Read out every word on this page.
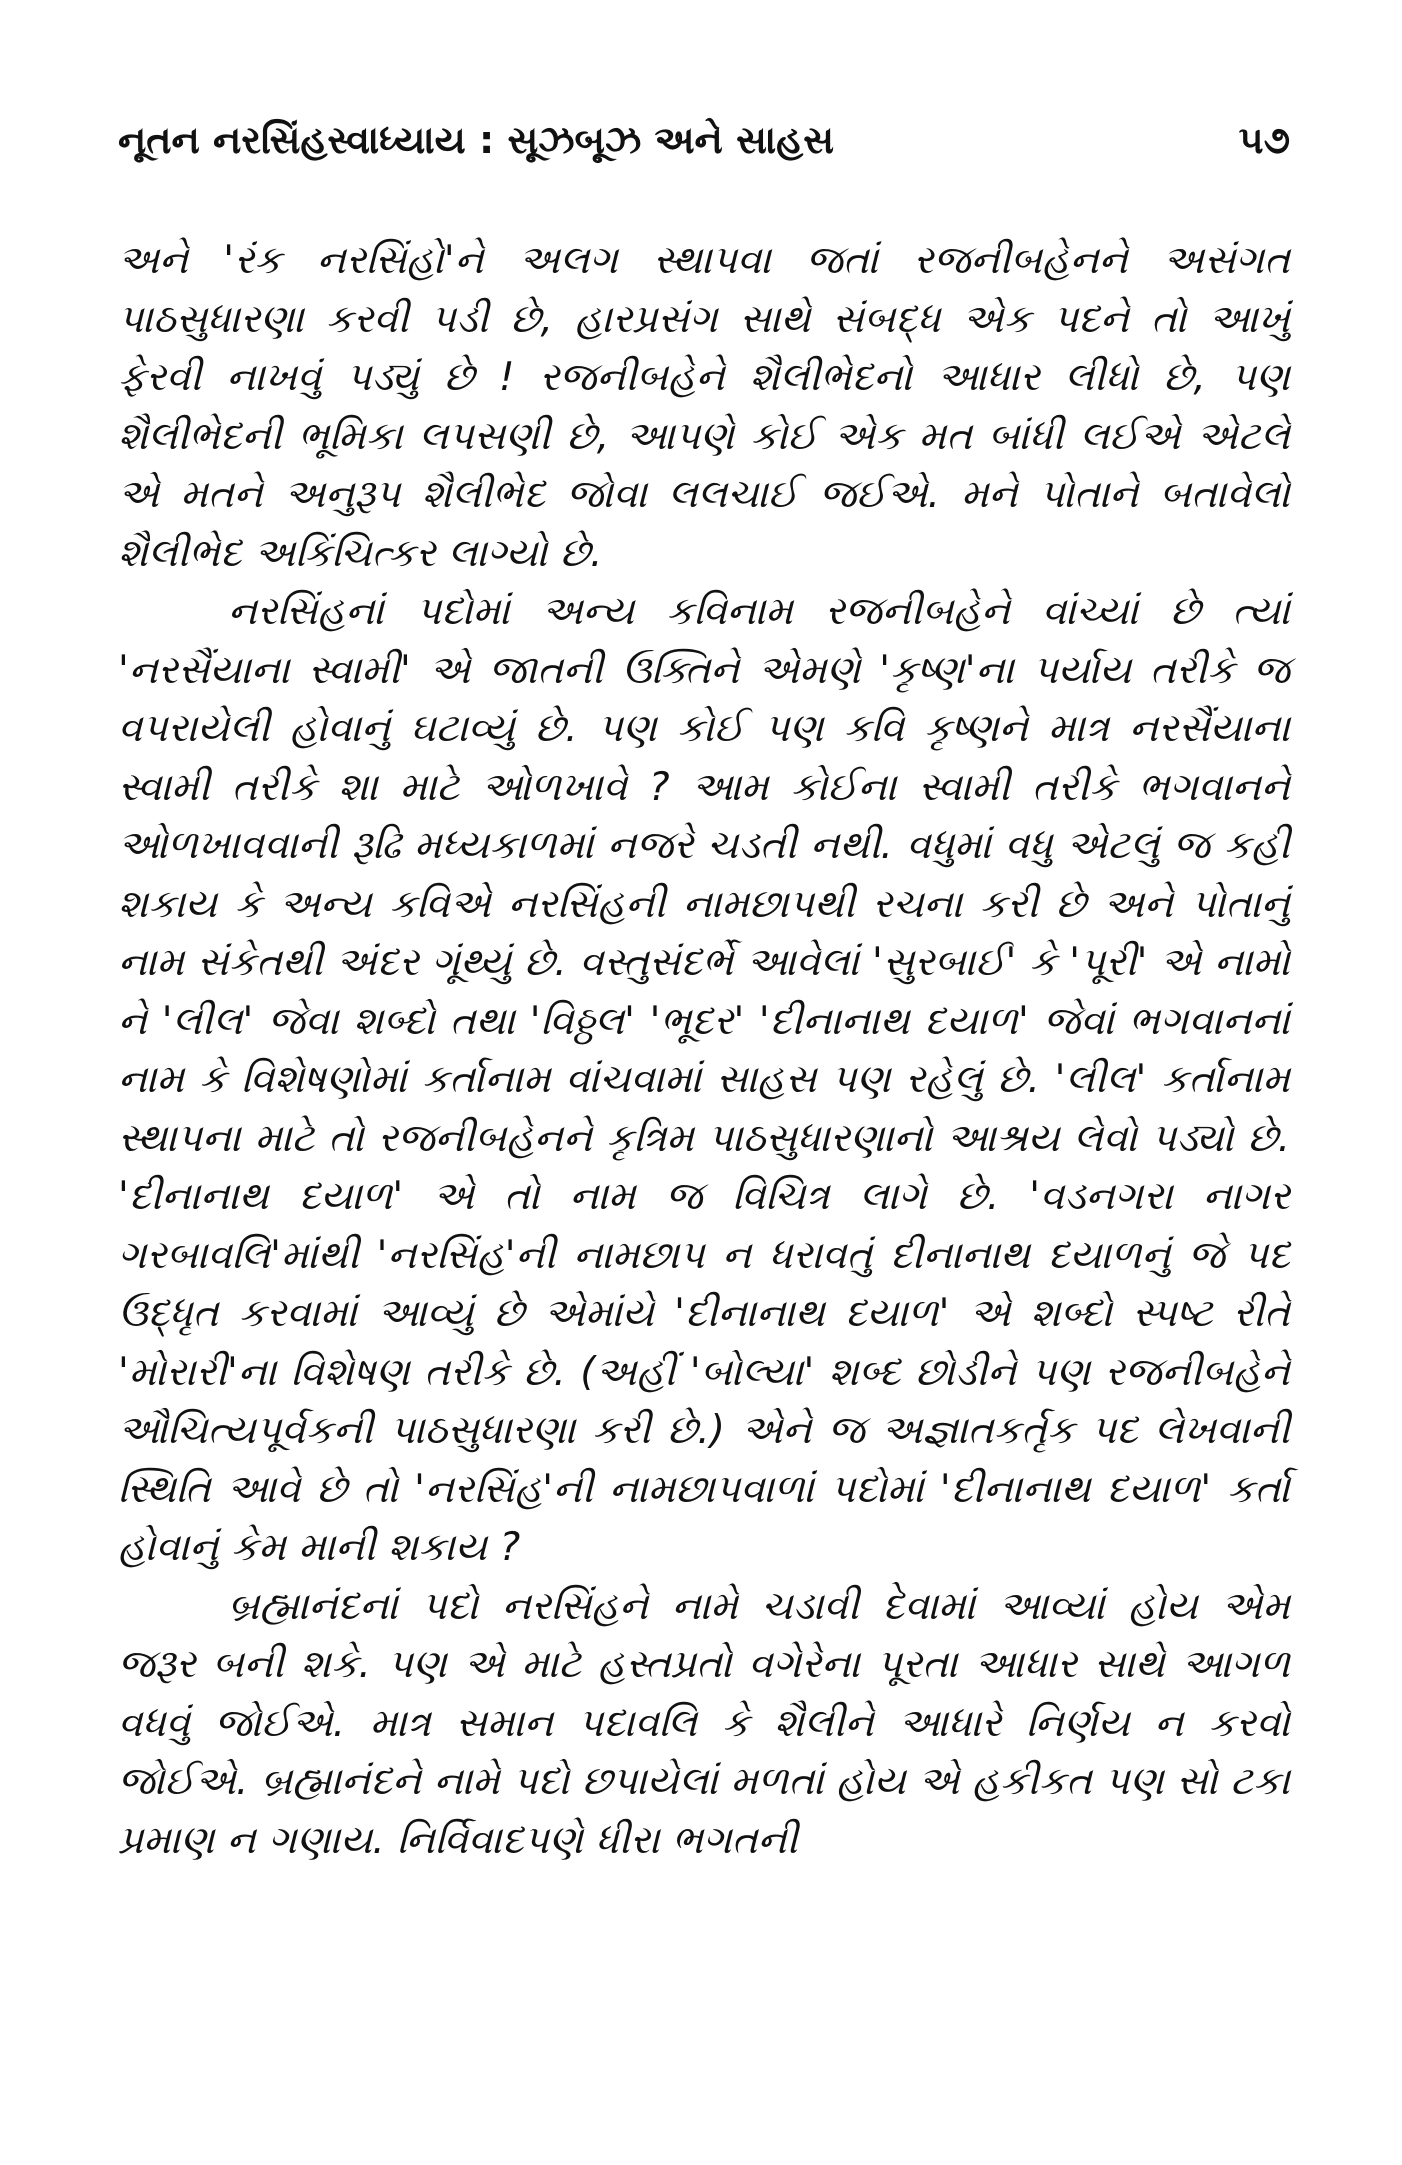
નૂતન નરસિંહસ્વાધ્યાય : સૂઝબૂઝ અને સાહસ	૫૭

અને 'રંક નરસિંહો'ને અલગ સ્થાપવા જતાં રજનીબહેનને અસંગત પાઠસુધારણા કરવી પડી છે, હારપ્રસંગ સાથે સંબદ્ધ એક પદને તો આખું ફેરવી નાખવું પડ્યું છે ! રજનીબહેને શૈલીભેદનો આધાર લીધો છે, પણ શૈલીભેદની ભૂમિકા લપસણી છે, આપણે કોઈ એક મત બાંધી લઈએ એટલે એ મતને અનુરૂપ શૈલીભેદ જોવા લલચાઈ જઈએ. મને પોતાને બતાવેલો શૈલીભેદ અકિંચિત્કર લાગ્યો છે.

નરસિંહનાં પદોમાં અન્ય કવિનામ રજનીબહેને વાંચ્યાં છે ત્યાં 'નરસૈંયાના સ્વામી' એ જાતની ઉક્તિને એમણે 'કૃષ્ણ'ના પર્યાય તરીકે જ વપરાયેલી હોવાનું ઘટાવ્યું છે. પણ કોઈ પણ કવિ કૃષ્ણને માત્ર નરસૈંયાના સ્વામી તરીકે શા માટે ઓળખાવે ? આમ કોઈના સ્વામી તરીકે ભગવાનને ઓળખાવવાની રૂઢિ મધ્યકાળમાં નજરે ચડતી નથી. વધુમાં વધુ એટલું જ કહી શકાય કે અન્ય કવિએ નરસિંહની નામછાપથી રચના કરી છે અને પોતાનું નામ સંકેતથી અંદર ગૂંથ્યું છે. વસ્તુસંદર્ભે આવેલાં 'સુરબાઈ' કે 'પૂરી' એ નામો ને 'લીલ' જેવા શબ્દો તથા 'વિઠ્ઠલ' 'ભૂદર' 'દીનાનાથ દયાળ' જેવાં ભગવાનનાં નામ કે વિશેષણોમાં કર્તાનામ વાંચવામાં સાહસ પણ રહેલું છે. 'લીલ' કર્તાનામ સ્થાપના માટે તો રજનીબહેનને કૃત્રિમ પાઠસુધારણાનો આશ્રય લેવો પડ્યો છે. 'દીનાનાથ દયાળ' એ તો નામ જ વિચિત્ર લાગે છે. 'વડનગરા નાગર ગરબાવલિ'માંથી 'નરસિંહ'ની નામછાપ ન ધરાવતું દીનાનાથ દયાળનું જે પદ ઉદ્ધૃત કરવામાં આવ્યું છે એમાંયે 'દીનાનાથ દયાળ' એ શબ્દો સ્પષ્ટ રીતે 'મોરારી'ના વિશેષણ તરીકે છે. (અહીં 'બોલ્યા' શબ્દ છોડીને પણ રજનીબહેને ઔચિત્યપૂર્વકની પાઠસુધારણા કરી છે.) એને જ અજ્ઞાતકર્તૃક પદ લેખવાની સ્થિતિ આવે છે તો 'નરસિંહ'ની નામછાપવાળાં પદોમાં 'દીનાનાથ દયાળ' કર્તા હોવાનું કેમ માની શકાય ?

બ્રહ્માનંદનાં પદો નરસિંહને નામે ચડાવી દેવામાં આવ્યાં હોય એમ જરૂર બની શકે. પણ એ માટે હસ્તપ્રતો વગેરેના પૂરતા આધાર સાથે આગળ વધવું જોઈએ. માત્ર સમાન પદાવલિ કે શૈલીને આધારે નિર્ણય ન કરવો જોઈએ. બ્રહ્માનંદને નામે પદો છપાયેલાં મળતાં હોય એ હકીકત પણ સો ટકા પ્રમાણ ન ગણાય. નિર્વિવાદપણે ધીરા ભગતની
